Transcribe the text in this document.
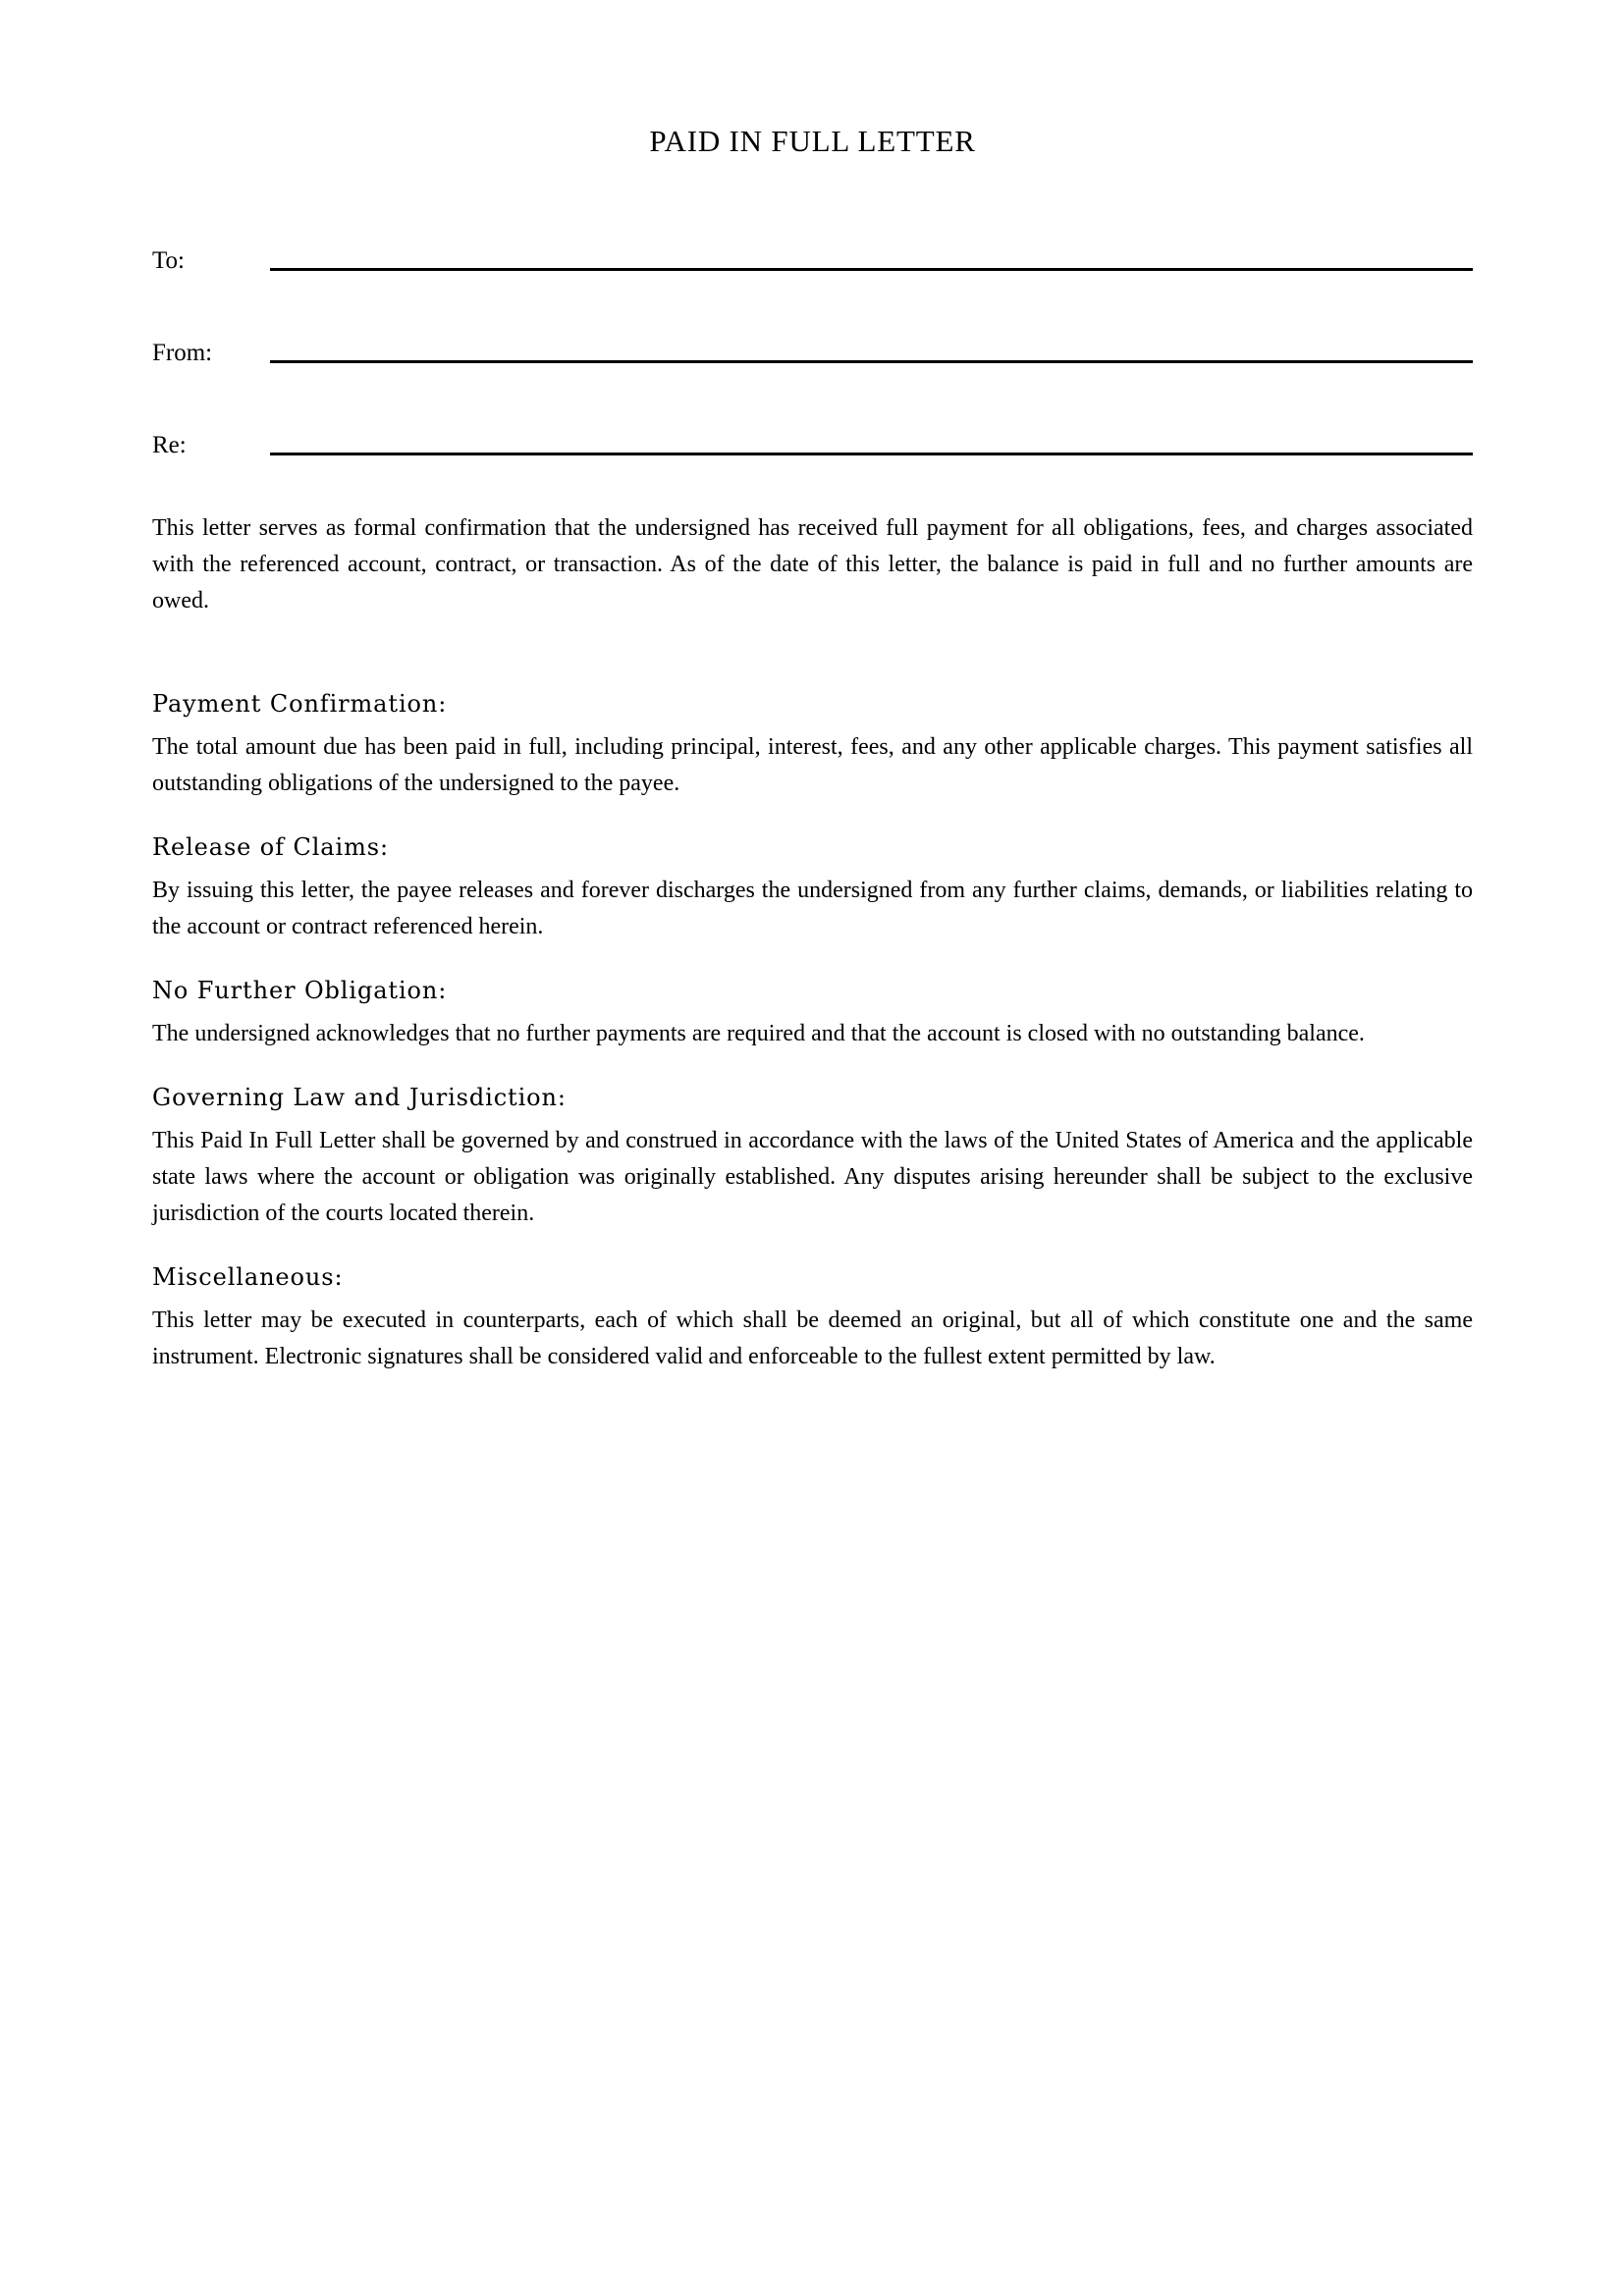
PAID IN FULL LETTER
To:
From:
Re:

This letter serves as formal confirmation that the undersigned has received full payment for all obligations, fees, and charges associated with the referenced account, contract, or transaction. As of the date of this letter, the balance is paid in full and no further amounts are owed.

Payment Confirmation:

The total amount due has been paid in full, including principal, interest, fees, and any other applicable charges. This payment satisfies all outstanding obligations of the undersigned to the payee.

Release of Claims:

By issuing this letter, the payee releases and forever discharges the undersigned from any further claims, demands, or liabilities relating to the account or contract referenced herein.

No Further Obligation:

The undersigned acknowledges that no further payments are required and that the account is closed with no outstanding balance.

Governing Law and Jurisdiction:

This Paid In Full Letter shall be governed by and construed in accordance with the laws of the United States of America and the applicable state laws where the account or obligation was originally established. Any disputes arising hereunder shall be subject to the exclusive jurisdiction of the courts located therein.

Miscellaneous:

This letter may be executed in counterparts, each of which shall be deemed an original, but all of which constitute one and the same instrument. Electronic signatures shall be considered valid and enforceable to the fullest extent permitted by law.
